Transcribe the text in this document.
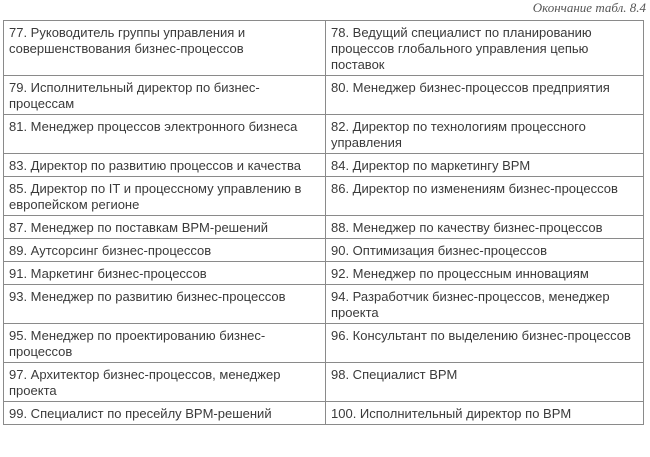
Окончание табл. 8.4
77. Руководитель группы управления и совершенствования бизнес-процессов	78. Ведущий специалист по планированию процессов глобального управления цепью поставок
79. Исполнительный директор по бизнес-процессам	80. Менеджер бизнес-процессов предприятия
81. Менеджер процессов электронного бизнеса	82. Директор по технологиям процессного управления
83. Директор по развитию процессов и качества	84. Директор по маркетингу BPM
85. Директор по IT и процессному управлению в европейском регионе	86. Директор по изменениям бизнес-процессов
87. Менеджер по поставкам BPM-решений	88. Менеджер по качеству бизнес-процессов
89. Аутсорсинг бизнес-процессов	90. Оптимизация бизнес-процессов
91. Маркетинг бизнес-процессов	92. Менеджер по процессным инновациям
93. Менеджер по развитию бизнес-процессов	94. Разработчик бизнес-процессов, менеджер проекта
95. Менеджер по проектированию бизнес-процессов	96. Консультант по выделению бизнес-процессов
97. Архитектор бизнес-процессов, менеджер проекта	98. Специалист BPM
99. Специалист по пресейлу BPM-решений	100. Исполнительный директор по BPM
